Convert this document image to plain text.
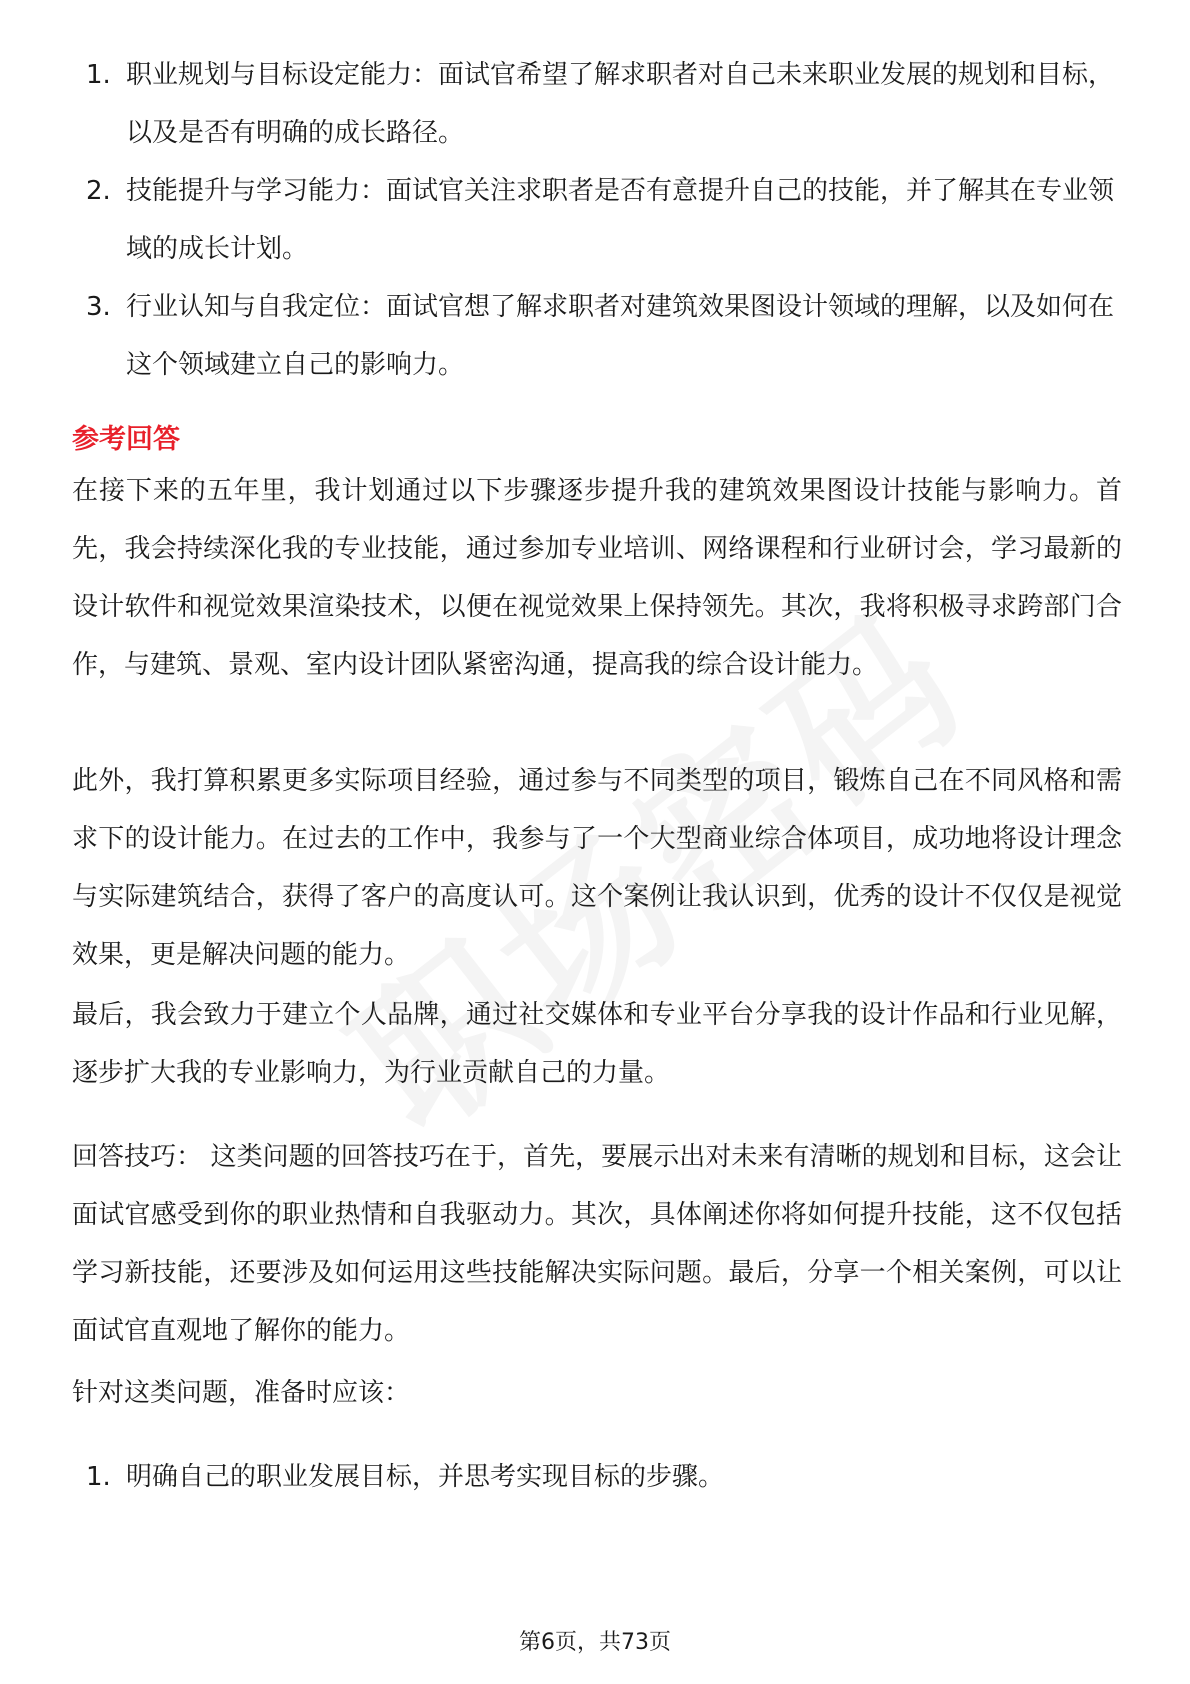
1. 职业规划与目标设定能力：面试官希望了解求职者对自己未来职业发展的规划和目标，以及是否有明确的成长路径。
2. 技能提升与学习能力：面试官关注求职者是否有意提升自己的技能，并了解其在专业领域的成长计划。
3. 行业认知与自我定位：面试官想了解求职者对建筑效果图设计领域的理解，以及如何在这个领域建立自己的影响力。
参考回答
在接下来的五年里，我计划通过以下步骤逐步提升我的建筑效果图设计技能与影响力。首先，我会持续深化我的专业技能，通过参加专业培训、网络课程和行业研讨会，学习最新的设计软件和视觉效果渲染技术，以便在视觉效果上保持领先。其次，我将积极寻求跨部门合作，与建筑、景观、室内设计团队紧密沟通，提高我的综合设计能力。
此外，我打算积累更多实际项目经验，通过参与不同类型的项目，锻炼自己在不同风格和需求下的设计能力。在过去的工作中，我参与了一个大型商业综合体项目，成功地将设计理念与实际建筑结合，获得了客户的高度认可。这个案例让我认识到，优秀的设计不仅仅是视觉效果，更是解决问题的能力。
最后，我会致力于建立个人品牌，通过社交媒体和专业平台分享我的设计作品和行业见解，逐步扩大我的专业影响力，为行业贡献自己的力量。
回答技巧： 这类问题的回答技巧在于，首先，要展示出对未来有清晰的规划和目标，这会让面试官感受到你的职业热情和自我驱动力。其次，具体阐述你将如何提升技能，这不仅包括学习新技能，还要涉及如何运用这些技能解决实际问题。最后，分享一个相关案例，可以让面试官直观地了解你的能力。
针对这类问题，准备时应该：
1. 明确自己的职业发展目标，并思考实现目标的步骤。
第6页，共73页
